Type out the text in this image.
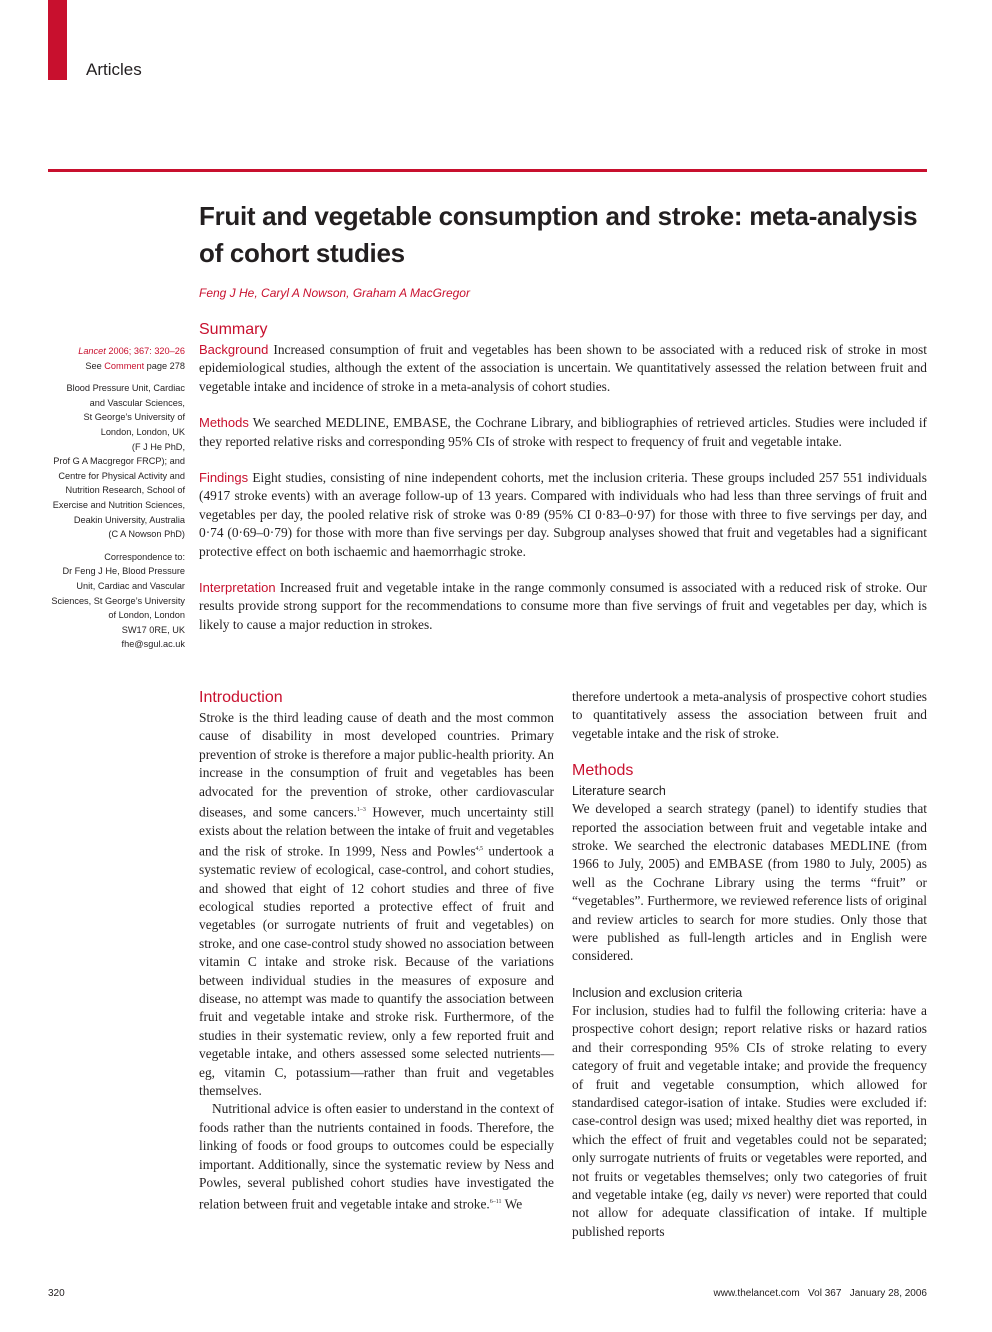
Articles
Fruit and vegetable consumption and stroke: meta-analysis of cohort studies
Feng J He, Caryl A Nowson, Graham A MacGregor

Lancet 2006; 367: 320–26

See Comment page 278

Blood Pressure Unit, Cardiac

and Vascular Sciences,

St George’s University of

London, London, UK

(F J He PhD,

Prof G A Macgregor FRCP); and

Centre for Physical Activity and

Nutrition Research, School of

Exercise and Nutrition Sciences,

Deakin University, Australia

(C A Nowson PhD)

Correspondence to:

Dr Feng J He, Blood Pressure

Unit, Cardiac and Vascular

Sciences, St George’s University

of London, London

SW17 0RE, UK

fhe@sgul.ac.uk

Summary

Background Increased consumption of fruit and vegetables has been shown to be associated with a reduced risk of stroke in most epidemiological studies, although the extent of the association is uncertain. We quantitatively assessed the relation between fruit and vegetable intake and incidence of stroke in a meta-analysis of cohort studies.

Methods We searched MEDLINE, EMBASE, the Cochrane Library, and bibliographies of retrieved articles. Studies were included if they reported relative risks and corresponding 95% CIs of stroke with respect to frequency of fruit and vegetable intake.

Findings Eight studies, consisting of nine independent cohorts, met the inclusion criteria. These groups included 257 551 individuals (4917 stroke events) with an average follow-up of 13 years. Compared with individuals who had less than three servings of fruit and vegetables per day, the pooled relative risk of stroke was 0·89 (95% CI 0·83–0·97) for those with three to five servings per day, and 0·74 (0·69–0·79) for those with more than five servings per day. Subgroup analyses showed that fruit and vegetables had a significant protective effect on both ischaemic and haemorrhagic stroke.

Interpretation Increased fruit and vegetable intake in the range commonly consumed is associated with a reduced risk of stroke. Our results provide strong support for the recommendations to consume more than five servings of fruit and vegetables per day, which is likely to cause a major reduction in strokes.

Introduction

Stroke is the third leading cause of death and the most common cause of disability in most developed countries. Primary prevention of stroke is therefore a major public-health priority. An increase in the consumption of fruit and vegetables has been advocated for the prevention of stroke, other cardiovascular diseases, and some cancers.$^{1-3}$ However, much uncertainty still exists about the relation between the intake of fruit and vegetables and the risk of stroke. In 1999, Ness and Powles$^{4,5}$ undertook a systematic review of ecological, case-control, and cohort studies, and showed that eight of 12 cohort studies and three of five ecological studies reported a protective effect of fruit and vegetables (or surrogate nutrients of fruit and vegetables) on stroke, and one case-control study showed no association between vitamin C intake and stroke risk. Because of the variations between individual studies in the measures of exposure and disease, no attempt was made to quantify the association between fruit and vegetable intake and stroke risk. Furthermore, of the studies in their systematic review, only a few reported fruit and vegetable intake, and others assessed some selected nutrients—eg, vitamin C, potassium—rather than fruit and vegetables themselves.

Nutritional advice is often easier to understand in the context of foods rather than the nutrients contained in foods. Therefore, the linking of foods or food groups to outcomes could be especially important. Additionally, since the systematic review by Ness and Powles, several published cohort studies have investigated the relation between fruit and vegetable intake and stroke.$^{6-11}$ We

therefore undertook a meta-analysis of prospective cohort studies to quantitatively assess the association between fruit and vegetable intake and the risk of stroke.

Methods
Literature search

We developed a search strategy (panel) to identify studies that reported the association between fruit and vegetable intake and stroke. We searched the electronic databases MEDLINE (from 1966 to July, 2005) and EMBASE (from 1980 to July, 2005) as well as the Cochrane Library using the terms “fruit” or “vegetables”. Furthermore, we reviewed reference lists of original and review articles to search for more studies. Only those that were published as full-length articles and in English were considered.

Inclusion and exclusion criteria

For inclusion, studies had to fulfil the following criteria: have a prospective cohort design; report relative risks or hazard ratios and their corresponding 95% CIs of stroke relating to every category of fruit and vegetable intake; and provide the frequency of fruit and vegetable consumption, which allowed for standardised categor-isation of intake. Studies were excluded if: case-control design was used; mixed healthy diet was reported, in which the effect of fruit and vegetables could not be separated; only surrogate nutrients of fruits or vegetables were reported, and not fruits or vegetables themselves; only two categories of fruit and vegetable intake (eg, daily vs never) were reported that could not allow for adequate classification of intake. If multiple published reports

320	www.thelancet.com   Vol 367   January 28, 2006
